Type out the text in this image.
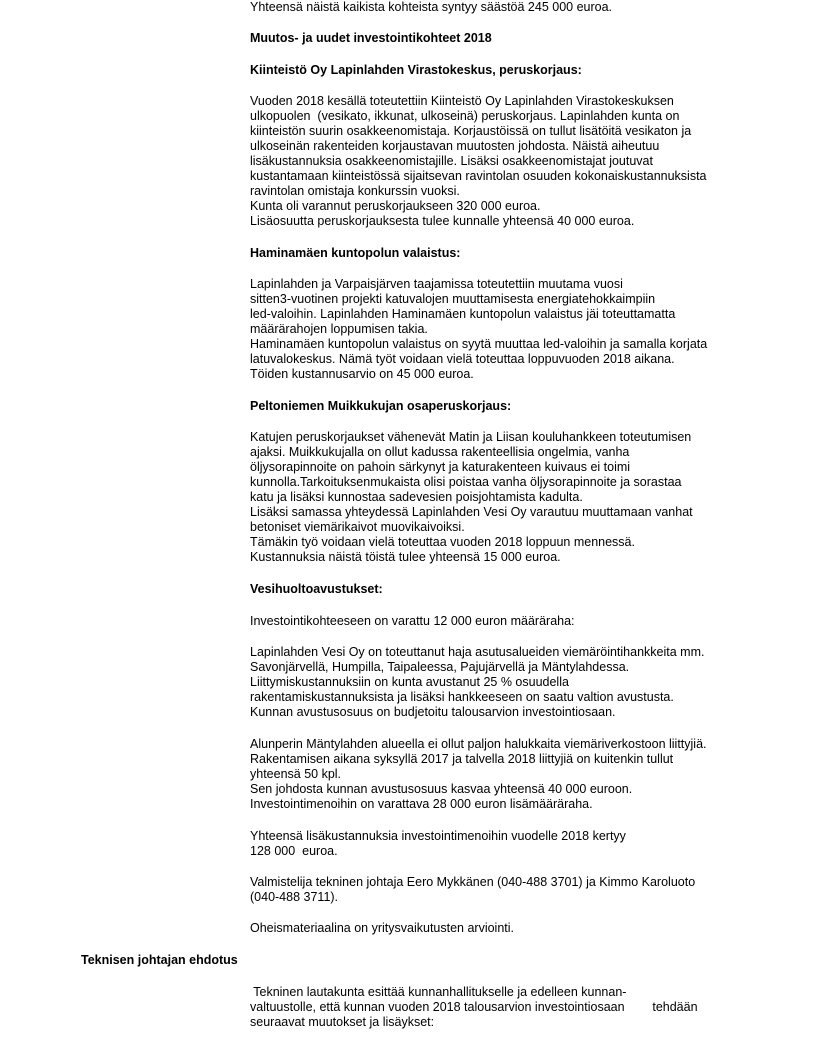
Yhteensä näistä kaikista kohteista syntyy säästöä 245 000 euroa.
Muutos- ja uudet investointikohteet 2018
Kiinteistö Oy Lapinlahden Virastokeskus, peruskorjaus:
Vuoden 2018 kesällä toteutettiin Kiinteistö Oy Lapinlahden Virastokeskuksen
ulkopuolen  (vesikato, ikkunat, ulkoseinä) peruskorjaus. Lapinlahden kunta on
kiinteistön suurin osakkeenomistaja. Korjaustöissä on tullut lisätöitä vesikaton ja
ulkoseinän rakenteiden korjaustavan muutosten johdosta. Näistä aiheutuu
lisäkustannuksia osakkeenomistajille. Lisäksi osakkeenomistajat joutuvat
kustantamaan kiinteistössä sijaitsevan ravintolan osuuden kokonaiskustannuksista
ravintolan omistaja konkurssin vuoksi.
Kunta oli varannut peruskorjaukseen 320 000 euroa.
Lisäosuutta peruskorjauksesta tulee kunnalle yhteensä 40 000 euroa.
Haminamäen kuntopolun valaistus:
Lapinlahden ja Varpaisjärven taajamissa toteutettiin muutama vuosi
sitten3-vuotinen projekti katuvalojen muuttamisesta energiatehokkaimpiin
led-valoihin. Lapinlahden Haminamäen kuntopolun valaistus jäi toteuttamatta
määrärahojen loppumisen takia.
Haminamäen kuntopolun valaistus on syytä muuttaa led-valoihin ja samalla korjata
latuvalokeskus. Nämä työt voidaan vielä toteuttaa loppuvuoden 2018 aikana.
Töiden kustannusarvio on 45 000 euroa.
Peltoniemen Muikkukujan osaperuskorjaus:
Katujen peruskorjaukset vähenevät Matin ja Liisan kouluhankkeen toteutumisen
ajaksi. Muikkukujalla on ollut kadussa rakenteellisia ongelmia, vanha
öljysorapinnoite on pahoin särkynyt ja katurakenteen kuivaus ei toimi
kunnolla.Tarkoituksenmukaista olisi poistaa vanha öljysorapinnoite ja sorastaa
katu ja lisäksi kunnostaa sadevesien poisjohtamista kadulta.
Lisäksi samassa yhteydessä Lapinlahden Vesi Oy varautuu muuttamaan vanhat
betoniset viemärikaivot muovikaivoiksi.
Tämäkin työ voidaan vielä toteuttaa vuoden 2018 loppuun mennessä.
Kustannuksia näistä töistä tulee yhteensä 15 000 euroa.
Vesihuoltoavustukset:
Investointikohteeseen on varattu 12 000 euron määräraha:
Lapinlahden Vesi Oy on toteuttanut haja asutusalueiden viemäröintihankkeita mm.
Savonjärvellä, Humpilla, Taipaleessa, Pajujärvellä ja Mäntylahdessa.
Liittymiskustannuksiin on kunta avustanut 25 % osuudella
rakentamiskustannuksista ja lisäksi hankkeeseen on saatu valtion avustusta.
Kunnan avustusosuus on budjetoitu talousarvion investointiosaan.
Alunperin Mäntylahden alueella ei ollut paljon halukkaita viemäriverkostoon liittyjiä.
Rakentamisen aikana syksyllä 2017 ja talvella 2018 liittyjiä on kuitenkin tullut
yhteensä 50 kpl.
Sen johdosta kunnan avustusosuus kasvaa yhteensä 40 000 euroon.
Investointimenoihin on varattava 28 000 euron lisämääräraha.
Yhteensä lisäkustannuksia investointimenoihin vuodelle 2018 kertyy
128 000  euroa.
Valmistelija tekninen johtaja Eero Mykkänen (040-488 3701) ja Kimmo Karoluoto
(040-488 3711).
Oheismateriaalina on yritysvaikutusten arviointi.
Teknisen johtajan ehdotus
Tekninen lautakunta esittää kunnanhallitukselle ja edelleen kunnan-
valtuustolle, että kunnan vuoden 2018 talousarvion investointiosaan        tehdään
seuraavat muutokset ja lisäykset:
